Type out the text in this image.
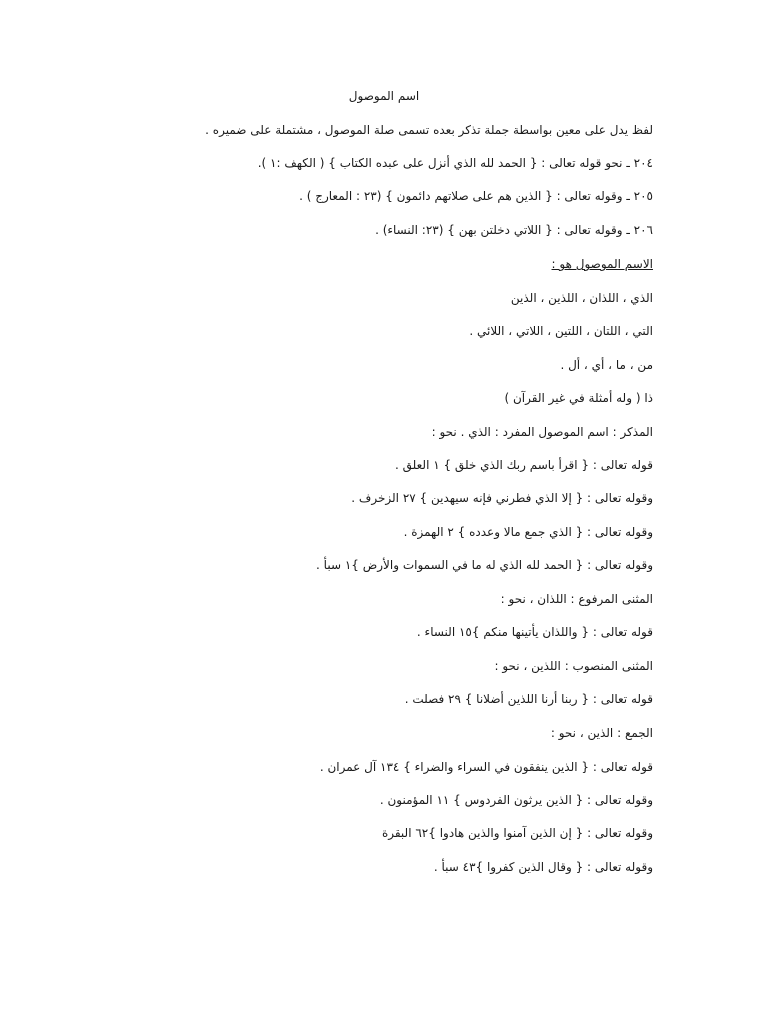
اسم الموصول
لفظ يدل على معين بواسطة جملة تذكر بعده تسمى صلة الموصول ، مشتملة على ضميره .
٢٠٤ ـ نحو قوله تعالى : { الحمد لله الذي أنزل على عبده الكتاب } ( الكهف :١ ).
٢٠٥ ـ وقوله تعالى : { الذين هم على صلاتهم دائمون } (٢٣ : المعارج ) .
٢٠٦ ـ وقوله تعالى : { اللاتي دخلتن بهن } (٢٣: النساء) .
الاسم الموصول هو :
الذي ، اللذان ، اللذين ، الذين
التي ، اللتان ، اللتين ، اللاتي ، اللائي .
من ، ما ، أي ، أل .
ذا ( وله أمثلة في غير القرآن )
المذكر : اسم الموصول المفرد : الذي . نحو :
قوله تعالى : { اقرأ باسم ربك الذي خلق } ١ العلق .
وقوله تعالى : { إلا الذي فطرني فإنه سيهدين } ٢٧ الزخرف .
وقوله تعالى : { الذي جمع مالا وعدده } ٢ الهمزة .
وقوله تعالى : { الحمد لله الذي له ما في السموات والأرض }١ سبأ .
المثنى المرفوع : اللذان ، نحو :
قوله تعالى : { واللذان يأتينها منكم }١٥ النساء .
المثنى المنصوب : اللذين ، نحو :
قوله تعالى : { ربنا أرنا اللذين أضلانا } ٢٩ فصلت .
الجمع : الذين ، نحو :
قوله تعالى : { الذين ينفقون في السراء والضراء } ١٣٤ آل عمران .
وقوله تعالى : { الذين يرثون الفردوس } ١١ المؤمنون .
وقوله تعالى : { إن الذين آمنوا والذين هادوا }٦٢ البقرة
وقوله تعالى : { وقال الذين كفروا }٤٣ سبأ .
